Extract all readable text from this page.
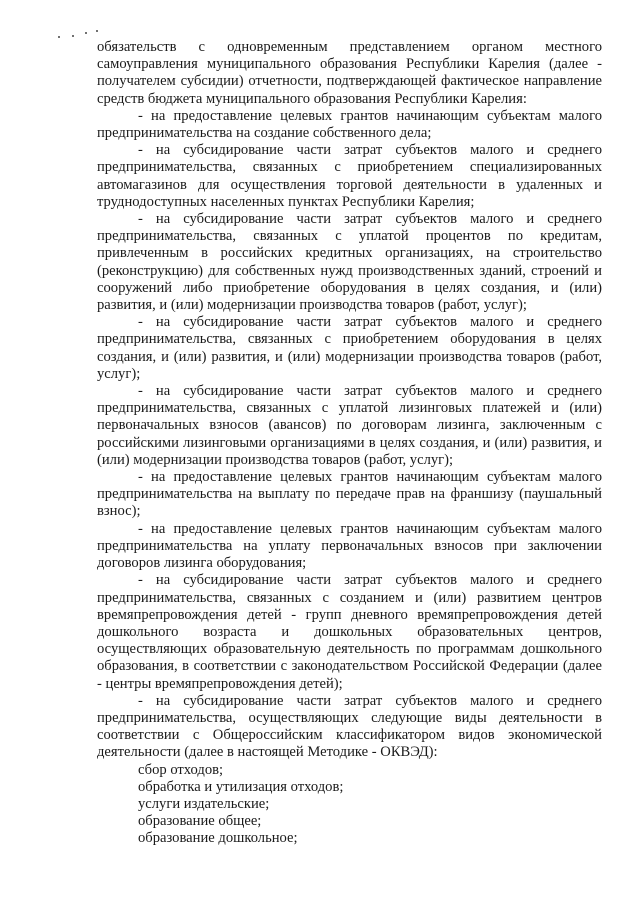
обязательств с одновременным представлением органом местного самоуправления муниципального образования Республики Карелия (далее - получателем субсидии) отчетности, подтверждающей фактическое направление средств бюджета муниципального образования Республики Карелия:

- на предоставление целевых грантов начинающим субъектам малого предпринимательства на создание собственного дела;

- на субсидирование части затрат субъектов малого и среднего предпринимательства, связанных с приобретением специализированных автомагазинов для осуществления торговой деятельности в удаленных и труднодоступных населенных пунктах Республики Карелия;

- на субсидирование части затрат субъектов малого и среднего предпринимательства, связанных с уплатой процентов по кредитам, привлеченным в российских кредитных организациях, на строительство (реконструкцию) для собственных нужд производственных зданий, строений и сооружений либо приобретение оборудования в целях создания, и (или) развития, и (или) модернизации производства товаров (работ, услуг);

- на субсидирование части затрат субъектов малого и среднего предпринимательства, связанных с приобретением оборудования в целях создания, и (или) развития, и (или) модернизации производства товаров (работ, услуг);

- на субсидирование части затрат субъектов малого и среднего предпринимательства, связанных с уплатой лизинговых платежей и (или) первоначальных взносов (авансов) по договорам лизинга, заключенным с российскими лизинговыми организациями в целях создания, и (или) развития, и (или) модернизации производства товаров (работ, услуг);

- на предоставление целевых грантов начинающим субъектам малого предпринимательства на выплату по передаче прав на франшизу (паушальный взнос);

- на предоставление целевых грантов начинающим субъектам малого предпринимательства на уплату первоначальных взносов при заключении договоров лизинга оборудования;

- на субсидирование части затрат субъектов малого и среднего предпринимательства, связанных с созданием и (или) развитием центров времяпрепровождения детей - групп дневного времяпрепровождения детей дошкольного возраста и дошкольных образовательных центров, осуществляющих образовательную деятельность по программам дошкольного образования, в соответствии с законодательством Российской Федерации (далее - центры времяпрепровождения детей);

- на субсидирование части затрат субъектов малого и среднего предпринимательства, осуществляющих следующие виды деятельности в соответствии с Общероссийским классификатором видов экономической деятельности (далее в настоящей Методике - ОКВЭД):

сбор отходов;
обработка и утилизация отходов;
услуги издательские;
образование общее;
образование дошкольное;
